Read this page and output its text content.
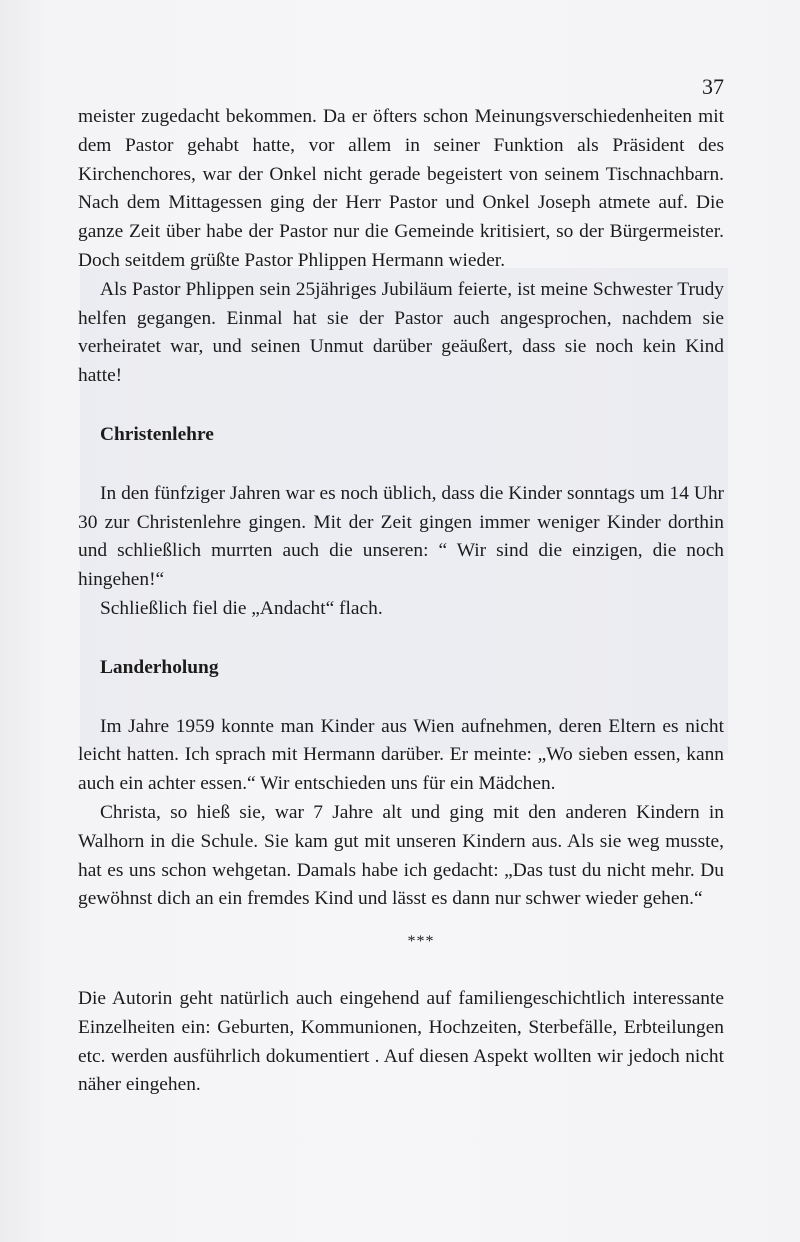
37

meister zugedacht bekommen. Da er öfters schon Meinungsverschiedenheiten mit dem Pastor gehabt hatte, vor allem in seiner Funktion als Präsident des Kirchenchores, war der Onkel nicht gerade begeistert von seinem Tischnachbarn. Nach dem Mittagessen ging der Herr Pastor und Onkel Joseph atmete auf. Die ganze Zeit über habe der Pastor nur die Gemeinde kritisiert, so der Bürgermeister. Doch seitdem grüßte Pastor Phlippen Hermann wieder.

Als Pastor Phlippen sein 25jähriges Jubiläum feierte, ist meine Schwester Trudy helfen gegangen. Einmal hat sie der Pastor auch angesprochen, nachdem sie verheiratet war, und seinen Unmut darüber geäußert, dass sie noch kein Kind hatte!

Christenlehre

In den fünfziger Jahren war es noch üblich, dass die Kinder sonntags um 14 Uhr 30 zur Christenlehre gingen. Mit der Zeit gingen immer weniger Kinder dorthin und schließlich murrten auch die unseren: “ Wir sind die einzigen, die noch hingehen!“

Schließlich fiel die „Andacht“ flach.

Landerholung

Im Jahre 1959 konnte man Kinder aus Wien aufnehmen, deren Eltern es nicht leicht hatten. Ich sprach mit Hermann darüber. Er meinte: „Wo sieben essen, kann auch ein achter essen.“ Wir entschieden uns für ein Mädchen.

Christa, so hieß sie, war 7 Jahre alt und ging mit den anderen Kindern in Walhorn in die Schule. Sie kam gut mit unseren Kindern aus. Als sie weg musste, hat es uns schon wehgetan. Damals habe ich gedacht: „Das tust du nicht mehr. Du gewöhnst dich an ein fremdes Kind und lässt es dann nur schwer wieder gehen.“

***

Die Autorin geht natürlich auch eingehend auf familiengeschichtlich interessante Einzelheiten ein: Geburten, Kommunionen, Hochzeiten, Sterbefälle, Erbteilungen etc. werden ausführlich dokumentiert . Auf diesen Aspekt wollten wir jedoch nicht näher eingehen.
